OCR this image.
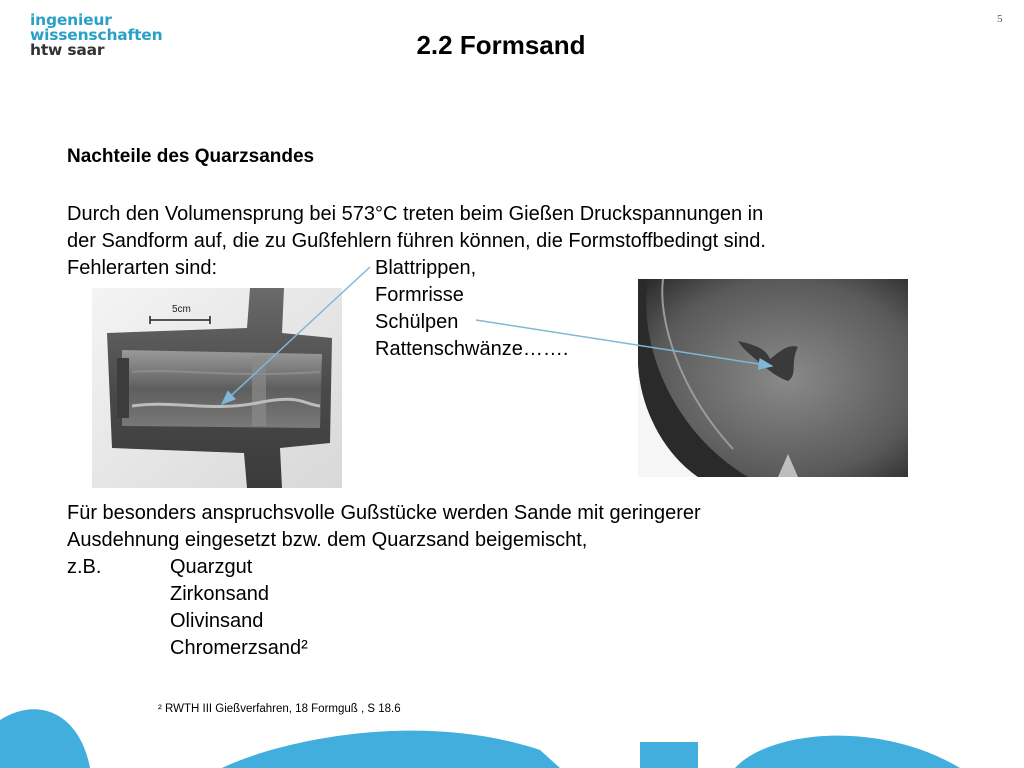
ingenieur
wissenschaften
htw saar
5
2.2 Formsand
Nachteile des Quarzsandes
Durch den Volumensprung bei 573°C treten beim Gießen Druckspannungen in
der Sandform auf, die zu Gußfehlern führen können, die Formstoffbedingt sind.
Fehlerarten sind:	Blattrippen,
Formrisse
Schülpen
Rattenschwänze…….
5cm
Für besonders anspruchsvolle Gußstücke werden Sande mit geringerer
Ausdehnung eingesetzt bzw. dem Quarzsand beigemischt,
z.B.	Quarzgut
Zirkonsand
Olivinsand
Chromerzsand²
² RWTH III Gießverfahren, 18 Formguß , S 18.6
